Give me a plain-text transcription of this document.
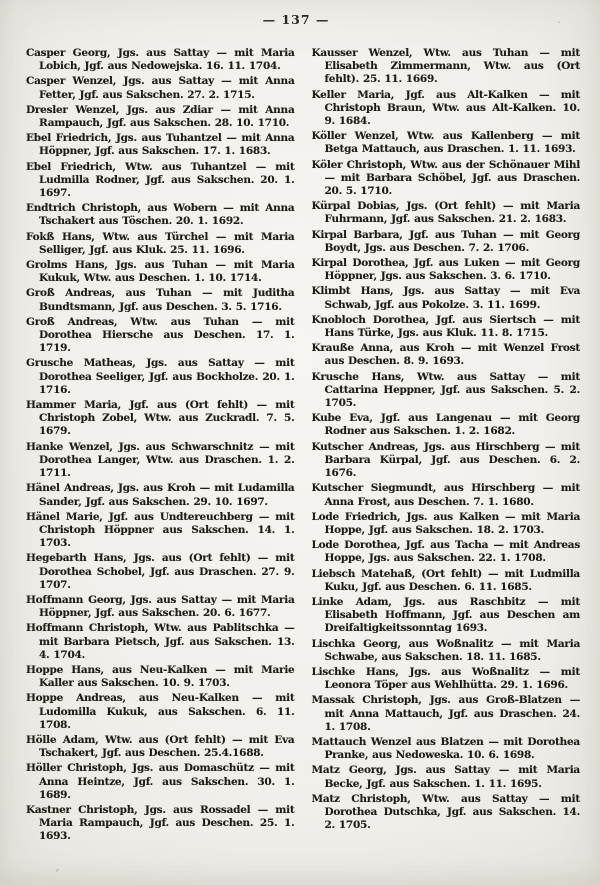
— 137 —

Casper Georg, Jgs. aus Sattay — mit Maria Lobich, Jgf. aus Nedowejska. 16. 11. 1704.

Casper Wenzel, Jgs. aus Sattay — mit Anna Fetter, Jgf. aus Sakschen. 27. 2. 1715.

Dresler Wenzel, Jgs. aus Zdiar — mit Anna Rampauch, Jgf. aus Sakschen. 28. 10. 1710.

Ebel Friedrich, Jgs. aus Tuhantzel — mit Anna Höppner, Jgf. aus Sakschen. 17. 1. 1683.

Ebel Friedrich, Wtw. aus Tuhantzel — mit Ludmilla Rodner, Jgf. aus Sakschen. 20. 1. 1697.

Endtrich Christoph, aus Wobern — mit Anna Tschakert aus Töschen. 20. 1. 1692.

Fokß Hans, Wtw. aus Türchel — mit Maria Selliger, Jgf. aus Kluk. 25. 11. 1696.

Grolms Hans, Jgs. aus Tuhan — mit Maria Kukuk, Wtw. aus Deschen. 1. 10. 1714.

Groß Andreas, aus Tuhan — mit Juditha Bundtsmann, Jgf. aus Deschen. 3. 5. 1716.

Groß Andreas, Wtw. aus Tuhan — mit Dorothea Hiersche aus Deschen. 17. 1. 1719.

Grusche Matheas, Jgs. aus Sattay — mit Dorothea Seeliger, Jgf. aus Bockholze. 20. 1. 1716.

Hammer Maria, Jgf. aus (Ort fehlt) — mit Christoph Zobel, Wtw. aus Zuckradl. 7. 5. 1679.

Hanke Wenzel, Jgs. aus Schwarschnitz — mit Dorothea Langer, Wtw. aus Draschen. 1. 2. 1711.

Hänel Andreas, Jgs. aus Kroh — mit Ludamilla Sander, Jgf. aus Sakschen. 29. 10. 1697.

Hänel Marie, Jgf. aus Undtereuchberg — mit Christoph Höppner aus Sakschen. 14. 1. 1703.

Hegebarth Hans, Jgs. aus (Ort fehlt) — mit Dorothea Schobel, Jgf. aus Draschen. 27. 9. 1707.

Hoffmann Georg, Jgs. aus Sattay — mit Maria Höppner, Jgf. aus Sakschen. 20. 6. 1677.

Hoffmann Christoph, Wtw. aus Pablitschka — mit Barbara Pietsch, Jgf. aus Sakschen. 13. 4. 1704.

Hoppe Hans, aus Neu-Kalken — mit Marie Kaller aus Sakschen. 10. 9. 1703.

Hoppe Andreas, aus Neu-Kalken — mit Ludomilla Kukuk, aus Sakschen. 6. 11. 1708.

Hölle Adam, Wtw. aus (Ort fehlt) — mit Eva Tschakert, Jgf. aus Deschen. 25.4.1688.

Höller Christoph, Jgs. aus Domaschütz — mit Anna Heintze, Jgf. aus Sakschen. 30. 1. 1689.

Kastner Christoph, Jgs. aus Rossadel — mit Maria Rampauch, Jgf. aus Deschen. 25. 1. 1693.

Kausser Wenzel, Wtw. aus Tuhan — mit Elisabeth Zimmermann, Wtw. aus (Ort fehlt). 25. 11. 1669.

Keller Maria, Jgf. aus Alt-Kalken — mit Christoph Braun, Wtw. aus Alt-Kalken. 10. 9. 1684.

Köller Wenzel, Wtw. aus Kallenberg — mit Betga Mattauch, aus Draschen. 1. 11. 1693.

Köler Christoph, Wtw. aus der Schönauer Mihl — mit Barbara Schöbel, Jgf. aus Draschen. 20. 5. 1710.

Kürpal Dobias, Jgs. (Ort fehlt) — mit Maria Fuhrmann, Jgf. aus Sakschen. 21. 2. 1683.

Kirpal Barbara, Jgf. aus Tuhan — mit Georg Boydt, Jgs. aus Deschen. 7. 2. 1706.

Kirpal Dorothea, Jgf. aus Luken — mit Georg Höppner, Jgs. aus Sakschen. 3. 6. 1710.

Klimbt Hans, Jgs. aus Sattay — mit Eva Schwab, Jgf. aus Pokolze. 3. 11. 1699.

Knobloch Dorothea, Jgf. aus Siertsch — mit Hans Türke, Jgs. aus Kluk. 11. 8. 1715.

Krauße Anna, aus Kroh — mit Wenzel Frost aus Deschen. 8. 9. 1693.

Krusche Hans, Wtw. aus Sattay — mit Cattarina Heppner, Jgf. aus Sakschen. 5. 2. 1705.

Kube Eva, Jgf. aus Langenau — mit Georg Rodner aus Sakschen. 1. 2. 1682.

Kutscher Andreas, Jgs. aus Hirschberg — mit Barbara Kürpal, Jgf. aus Deschen. 6. 2. 1676.

Kutscher Siegmundt, aus Hirschberg — mit Anna Frost, aus Deschen. 7. 1. 1680.

Lode Friedrich, Jgs. aus Kalken — mit Maria Hoppe, Jgf. aus Sakschen. 18. 2. 1703.

Lode Dorothea, Jgf. aus Tacha — mit Andreas Hoppe, Jgs. aus Sakschen. 22. 1. 1708.

Liebsch Matehaß, (Ort fehlt) — mit Ludmilla Kuku, Jgf. aus Deschen. 6. 11. 1685.

Linke Adam, Jgs. aus Raschbitz — mit Elisabeth Hoffmann, Jgf. aus Deschen am Dreifaltigkeitssonntag 1693.

Lischka Georg, aus Woßnalitz — mit Maria Schwabe, aus Sakschen. 18. 11. 1685.

Lischke Hans, Jgs. aus Woßnalitz — mit Leonora Töper aus Wehlhütta. 29. 1. 1696.

Massak Christoph, Jgs. aus Groß-Blatzen — mit Anna Mattauch, Jgf. aus Draschen. 24. 1. 1708.

Mattauch Wenzel aus Blatzen — mit Dorothea Pranke, aus Nedoweska. 10. 6. 1698.

Matz Georg, Jgs. aus Sattay — mit Maria Becke, Jgf. aus Sakschen. 1. 11. 1695.

Matz Christoph, Wtw. aus Sattay — mit Dorothea Dutschka, Jgf. aus Sakschen. 14. 2. 1705.

ʻ
·
